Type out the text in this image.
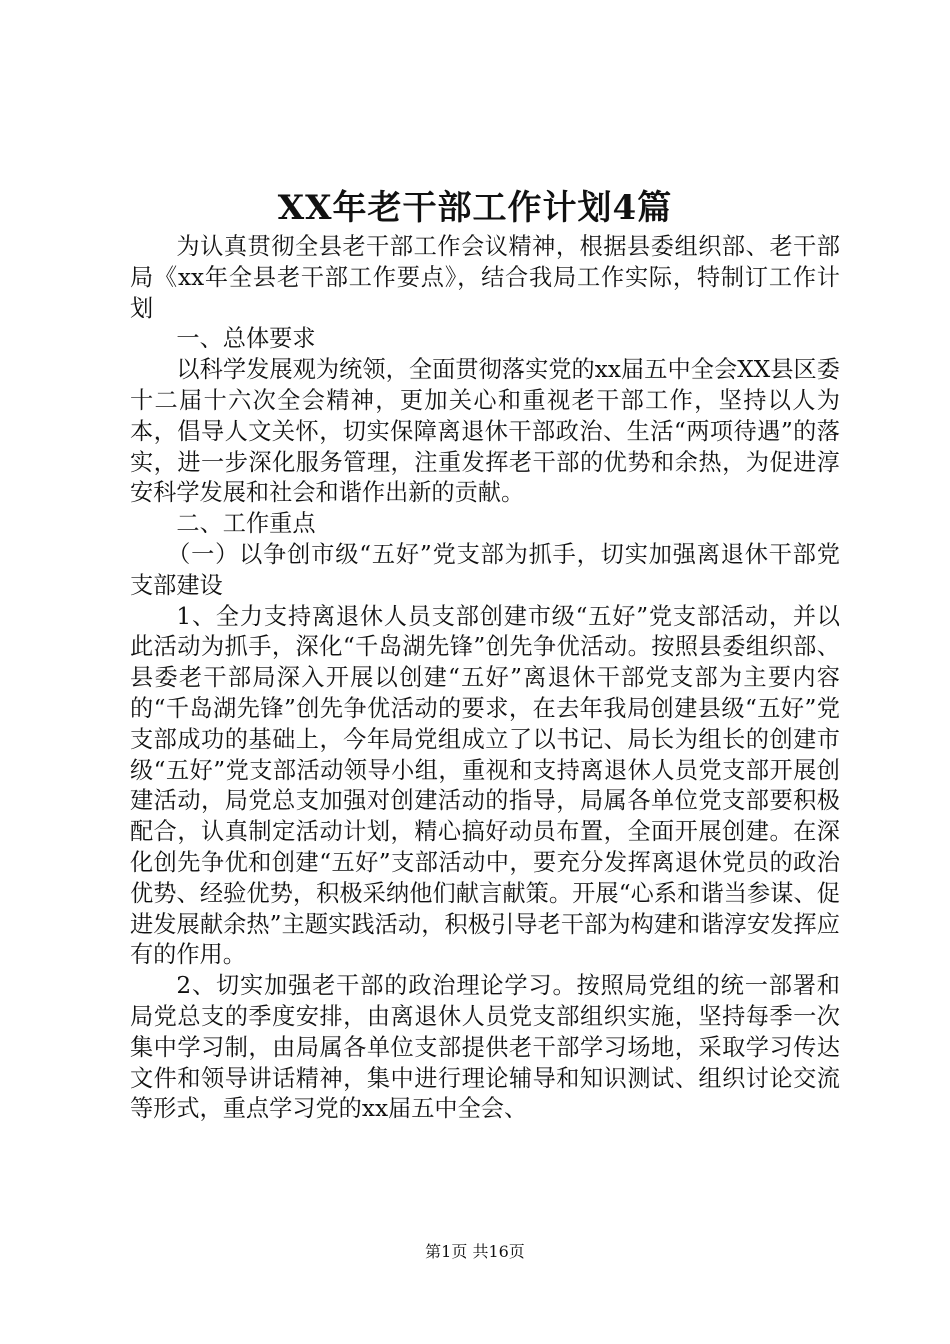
XX年老干部工作计划4篇

为认真贯彻全县老干部工作会议精神，根据县委组织部、老干部局《xx年全县老干部工作要点》，结合我局工作实际，特制订工作计划

一、总体要求

以科学发展观为统领，全面贯彻落实党的xx届五中全会XX县区委十二届十六次全会精神，更加关心和重视老干部工作，坚持以人为本，倡导人文关怀，切实保障离退休干部政治、生活“两项待遇”的落实，进一步深化服务管理，注重发挥老干部的优势和余热，为促进淳安科学发展和社会和谐作出新的贡献。

二、工作重点

（一）以争创市级“五好”党支部为抓手，切实加强离退休干部党支部建设

1、全力支持离退休人员支部创建市级“五好”党支部活动，并以此活动为抓手，深化“千岛湖先锋”创先争优活动。按照县委组织部、县委老干部局深入开展以创建“五好”离退休干部党支部为主要内容的“千岛湖先锋”创先争优活动的要求，在去年我局创建县级“五好”党支部成功的基础上，今年局党组成立了以书记、局长为组长的创建市级“五好”党支部活动领导小组，重视和支持离退休人员党支部开展创建活动，局党总支加强对创建活动的指导，局属各单位党支部要积极配合，认真制定活动计划，精心搞好动员布置，全面开展创建。在深化创先争优和创建“五好”支部活动中，要充分发挥离退休党员的政治优势、经验优势，积极采纳他们献言献策。开展“心系和谐当参谋、促进发展献余热”主题实践活动，积极引导老干部为构建和谐淳安发挥应有的作用。

2、切实加强老干部的政治理论学习。按照局党组的统一部署和局党总支的季度安排，由离退休人员党支部组织实施，坚持每季一次集中学习制，由局属各单位支部提供老干部学习场地，采取学习传达文件和领导讲话精神，集中进行理论辅导和知识测试、组织讨论交流等形式，重点学习党的xx届五中全会、

第1页 共16页
